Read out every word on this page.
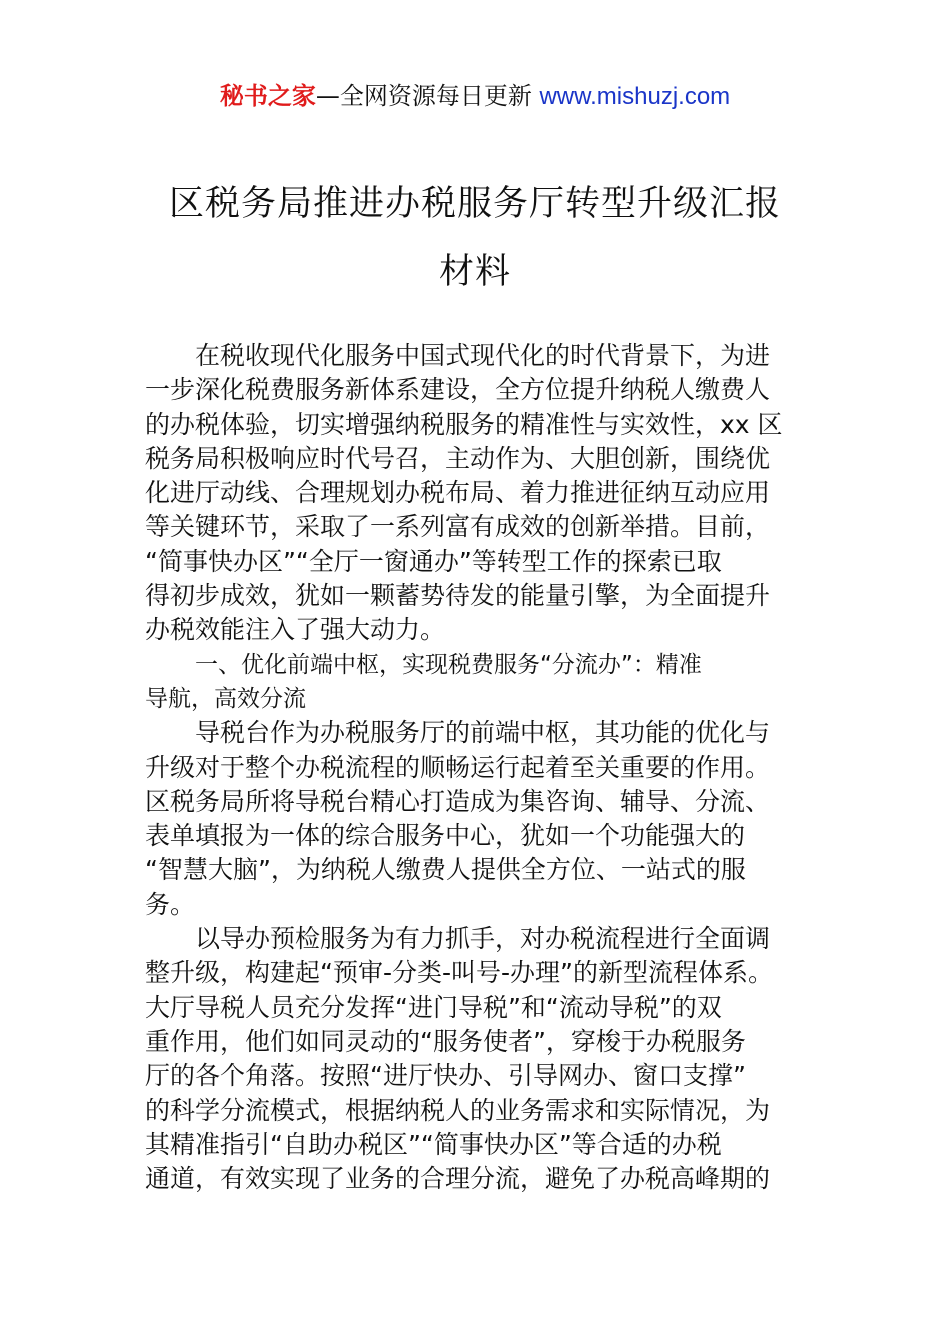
秘书之家—全网资源每日更新 www.mishuzj.com
区税务局推进办税服务厅转型升级汇报
材料
在税收现代化服务中国式现代化的时代背景下，为进
一步深化税费服务新体系建设，全方位提升纳税人缴费人
的办税体验，切实增强纳税服务的精准性与实效性，xx 区
税务局积极响应时代号召，主动作为、大胆创新，围绕优
化进厅动线、合理规划办税布局、着力推进征纳互动应用
等关键环节，采取了一系列富有成效的创新举措。目前，
“简事快办区”“全厅一窗通办”等转型工作的探索已取
得初步成效，犹如一颗蓄势待发的能量引擎，为全面提升
办税效能注入了强大动力。
一、优化前端中枢，实现税费服务“分流办”：精准
导航，高效分流
导税台作为办税服务厅的前端中枢，其功能的优化与
升级对于整个办税流程的顺畅运行起着至关重要的作用。
区税务局所将导税台精心打造成为集咨询、辅导、分流、
表单填报为一体的综合服务中心，犹如一个功能强大的
“智慧大脑”，为纳税人缴费人提供全方位、一站式的服
务。
以导办预检服务为有力抓手，对办税流程进行全面调
整升级，构建起“预审-分类-叫号-办理”的新型流程体系。
大厅导税人员充分发挥“进门导税”和“流动导税”的双
重作用，他们如同灵动的“服务使者”，穿梭于办税服务
厅的各个角落。按照“进厅快办、引导网办、窗口支撑”
的科学分流模式，根据纳税人的业务需求和实际情况，为
其精准指引“自助办税区”“简事快办区”等合适的办税
通道，有效实现了业务的合理分流，避免了办税高峰期的
